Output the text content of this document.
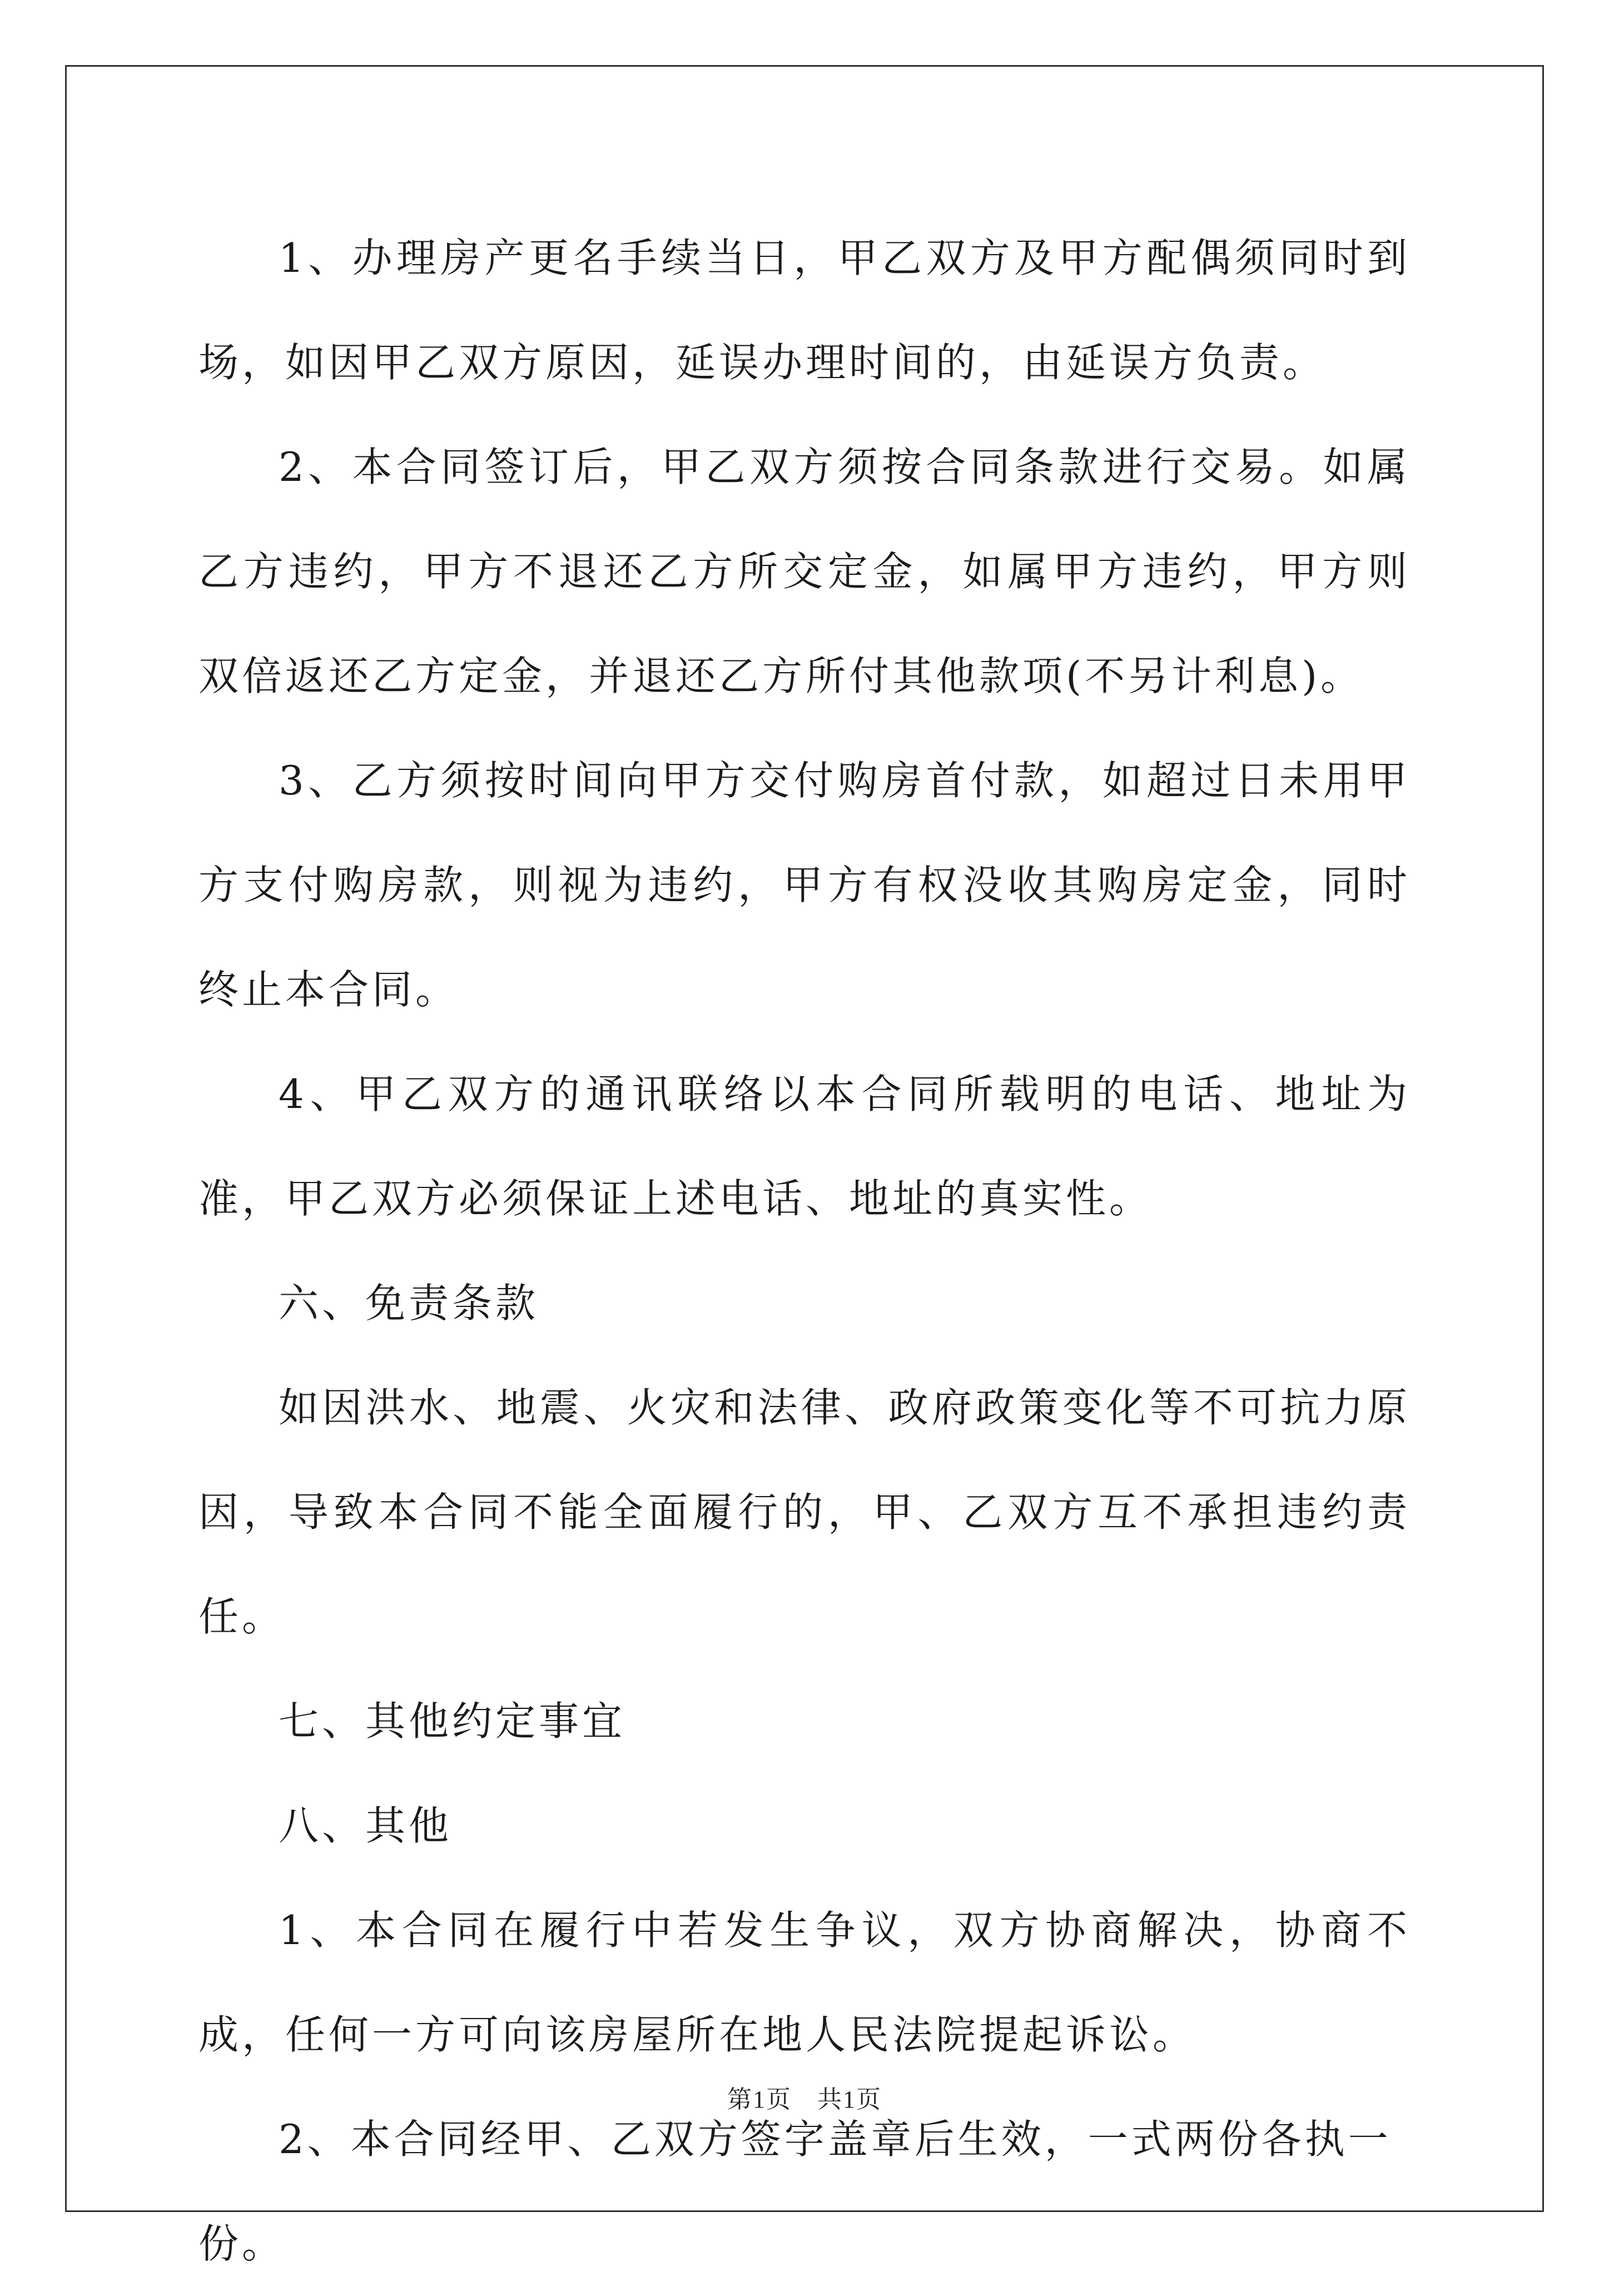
1、办理房产更名手续当日，甲乙双方及甲方配偶须同时到场，如因甲乙双方原因，延误办理时间的，由延误方负责。

2、本合同签订后，甲乙双方须按合同条款进行交易。如属乙方违约，甲方不退还乙方所交定金，如属甲方违约，甲方则双倍返还乙方定金，并退还乙方所付其他款项(不另计利息)。

3、乙方须按时间向甲方交付购房首付款，如超过日未用甲方支付购房款，则视为违约，甲方有权没收其购房定金，同时终止本合同。

4、甲乙双方的通讯联络以本合同所载明的电话、地址为准，甲乙双方必须保证上述电话、地址的真实性。

六、免责条款

如因洪水、地震、火灾和法律、政府政策变化等不可抗力原因，导致本合同不能全面履行的，甲、乙双方互不承担违约责任。

七、其他约定事宜

八、其他

1、本合同在履行中若发生争议，双方协商解决，协商不成，任何一方可向该房屋所在地人民法院提起诉讼。

2、本合同经甲、乙双方签字盖章后生效，一式两份各执一份。

第1页　共1页
